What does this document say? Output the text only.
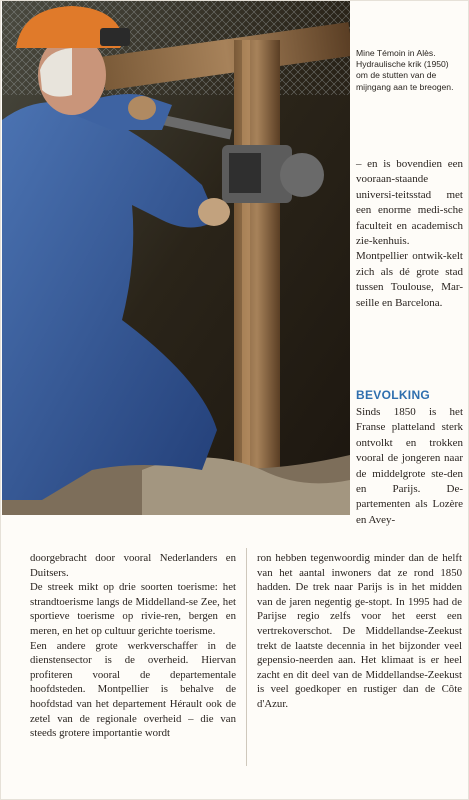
Mine Témoin in Alès. Hydraulische krik (1950) om de stutten van de mijngang aan te breogen.

– en is bovendien een vooraan-staande universi-teitsstad met een enorme medi-sche faculteit en academisch zie-kenhuis. Montpellier ontwik-kelt zich als dé grote stad tussen Toulouse, Mar-seille en Barcelona.

BEVOLKING

Sinds 1850 is het Franse platteland sterk ontvolkt en trokken vooral de jongeren naar de middelgrote ste-den en Parijs. De-partementen als Lozère en Avey-

doorgebracht door vooral Nederlanders en Duitsers.

De streek mikt op drie soorten toerisme: het strandtoerisme langs de Middelland-se Zee, het sportieve toerisme op rivie-ren, bergen en meren, en het op cultuur gerichte toerisme.

Een andere grote werkverschaffer in de dienstensector is de overheid. Hiervan profiteren vooral de departementale hoofdsteden. Montpellier is behalve de hoofdstad van het departement Hérault ook de zetel van de regionale overheid – die van steeds grotere importantie wordt

ron hebben tegenwoordig minder dan de helft van het aantal inwoners dat ze rond 1850 hadden. De trek naar Parijs is in het midden van de jaren negentig ge-stopt. In 1995 had de Parijse regio zelfs voor het eerst een vertrekoverschot. De Middellandse-Zeekust trekt de laatste decennia in het bijzonder veel gepensio-neerden aan. Het klimaat is er heel zacht en dit deel van de Middellandse-Zeekust is veel goedkoper en rustiger dan de Côte d'Azur.
